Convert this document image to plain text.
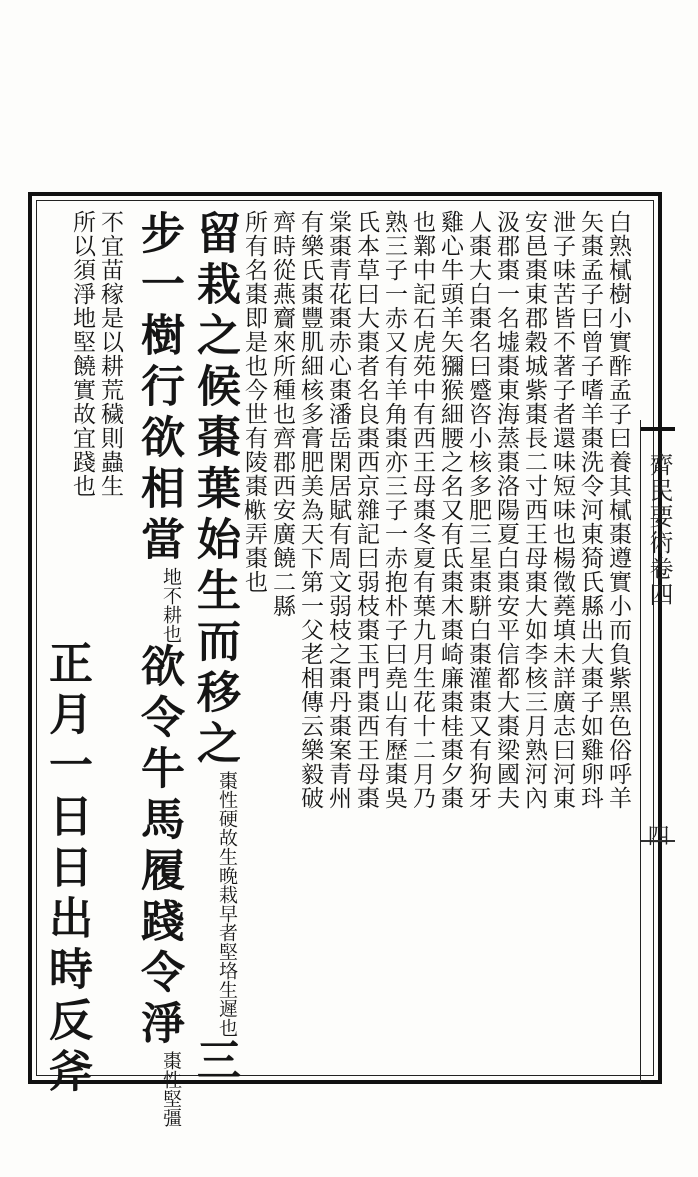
齊民要術卷四
四
白熟樲樹小實酢孟子曰養其樲棗遵實小而負紫黑色俗呼羊
矢棗孟子曰曾子嗜羊棗洗令河東猗氏縣出大棗子如雞卵㺶
泄子味苦皆不著子者還味短味也楊徵蕘填未詳廣志曰河東
安邑棗東郡穀城紫棗長二寸西王母棗大如李核三月熟河內
汲郡棗一名墟棗東海蒸棗洛陽夏白棗安平信都大棗梁國夫
人棗大白棗名曰蹙咨小核多肥三星棗駢白棗灌棗又有狗牙
雞心牛頭羊矢獼猴細腰之名又有氐棗木棗崎廉棗桂棗夕棗
也鄴中記石虎苑中有西王母棗冬夏有葉九月生花十二月乃
熟三子一赤又有羊角棗亦三子一赤抱朴子曰堯山有歷棗吳
氏本草曰大棗者名良棗西京雜記曰弱枝棗玉門棗西王母棗
棠棗青花棗赤心棗潘岳閑居賦有周文弱枝之棗丹棗案青州
有樂氏棗豐肌細核多膏肥美為天下第一父老相傳云樂毅破
齊時從燕齎來所種也齊郡西安廣饒二縣
所有名棗即是也今世有陵棗𣛘弄棗也
留栽之候棗葉始生而移之棗性硬故生晚栽早者堅垎生遲也三
步一樹行欲相當地不耕也欲令牛馬履踐令淨棗性堅彊
不宜苗稼是以耕荒穢則蟲生
所以須淨地堅饒實故宜踐也
正月一日日出時反斧
